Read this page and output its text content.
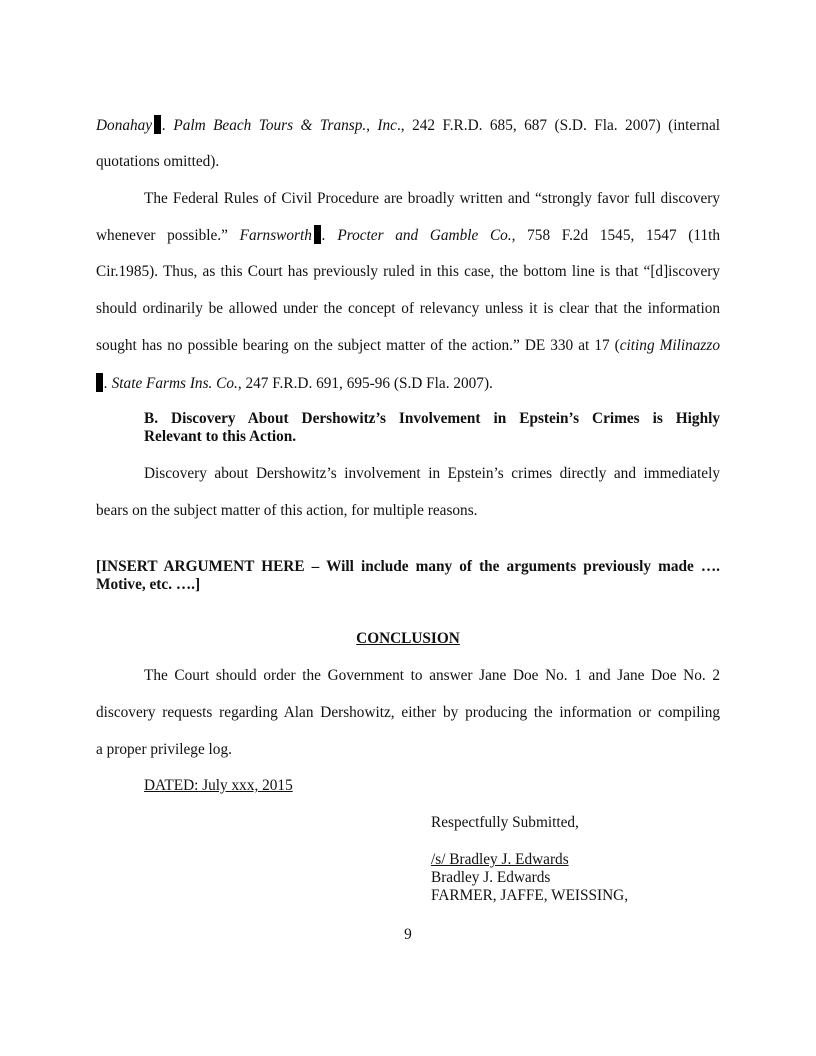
Donahay . Palm Beach Tours & Transp., Inc., 242 F.R.D. 685, 687 (S.D. Fla. 2007) (internal
quotations omitted).
The Federal Rules of Civil Procedure are broadly written and “strongly favor full discovery
whenever possible.” Farnsworth . Procter and Gamble Co., 758 F.2d 1545, 1547 (11th
Cir.1985). Thus, as this Court has previously ruled in this case, the bottom line is that “[d]iscovery
should ordinarily be allowed under the concept of relevancy unless it is clear that the information
sought has no possible bearing on the subject matter of the action.” DE 330 at 17 (citing Milinazzo
. State Farms Ins. Co., 247 F.R.D. 691, 695-96 (S.D Fla. 2007).
B. Discovery About Dershowitz’s Involvement in Epstein’s Crimes is Highly
Relevant to this Action.
Discovery about Dershowitz’s involvement in Epstein’s crimes directly and immediately
bears on the subject matter of this action, for multiple reasons.
[INSERT ARGUMENT HERE – Will include many of the arguments previously made ….
Motive, etc. ….]
CONCLUSION
The Court should order the Government to answer Jane Doe No. 1 and Jane Doe No. 2
discovery requests regarding Alan Dershowitz, either by producing the information or compiling
a proper privilege log.
DATED: July xxx, 2015
Respectfully Submitted,
/s/ Bradley J. Edwards
Bradley J. Edwards
FARMER, JAFFE, WEISSING,
9
